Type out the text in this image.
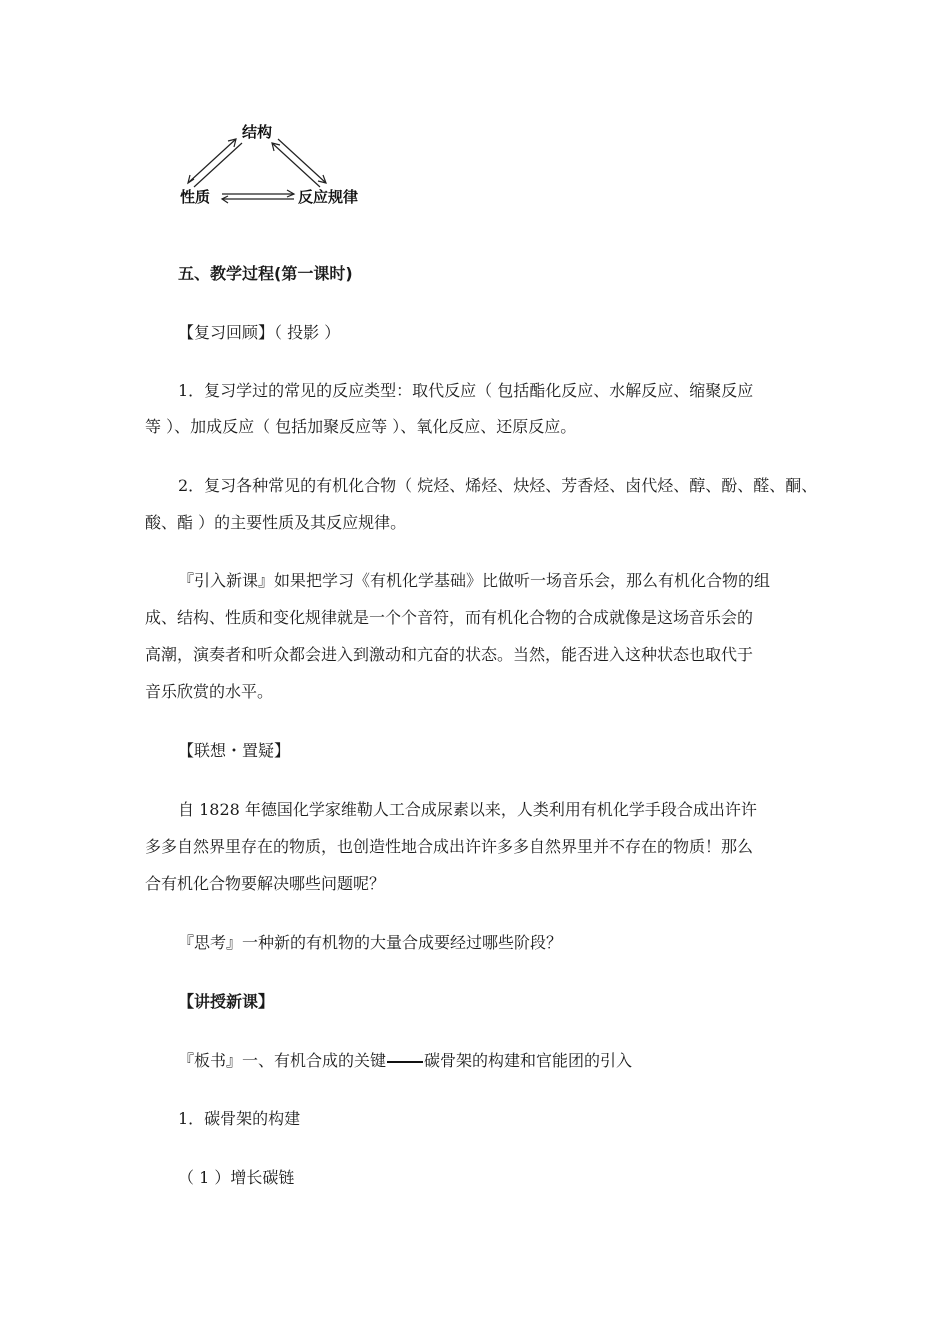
结构
性质	反应规律
五、教学过程(第一课时)
【复习回顾】（ 投影 ）
1．复习学过的常见的反应类型：取代反应（ 包括酯化反应、水解反应、缩聚反应
等 ）、加成反应（ 包括加聚反应等 ）、氧化反应、还原反应。
2．复习各种常见的有机化合物（ 烷烃、烯烃、炔烃、芳香烃、卤代烃、醇、酚、醛、酮、
酸、酯 ）的主要性质及其反应规律。
『引入新课』如果把学习《有机化学基础》比做听一场音乐会，那么有机化合物的组
成、结构、性质和变化规律就是一个个音符，而有机化合物的合成就像是这场音乐会的
高潮，演奏者和听众都会进入到激动和亢奋的状态。当然，能否进入这种状态也取代于
音乐欣赏的水平。
【联想・置疑】
自 1828 年德国化学家维勒人工合成尿素以来，人类利用有机化学手段合成出许许
多多自然界里存在的物质，也创造性地合成出许许多多自然界里并不存在的物质！那么
合有机化合物要解决哪些问题呢？
『思考』一种新的有机物的大量合成要经过哪些阶段？
【讲授新课】
『板书』一、有机合成的关键 碳骨架的构建和官能团的引入
1．碳骨架的构建
（ 1 ）增长碳链
